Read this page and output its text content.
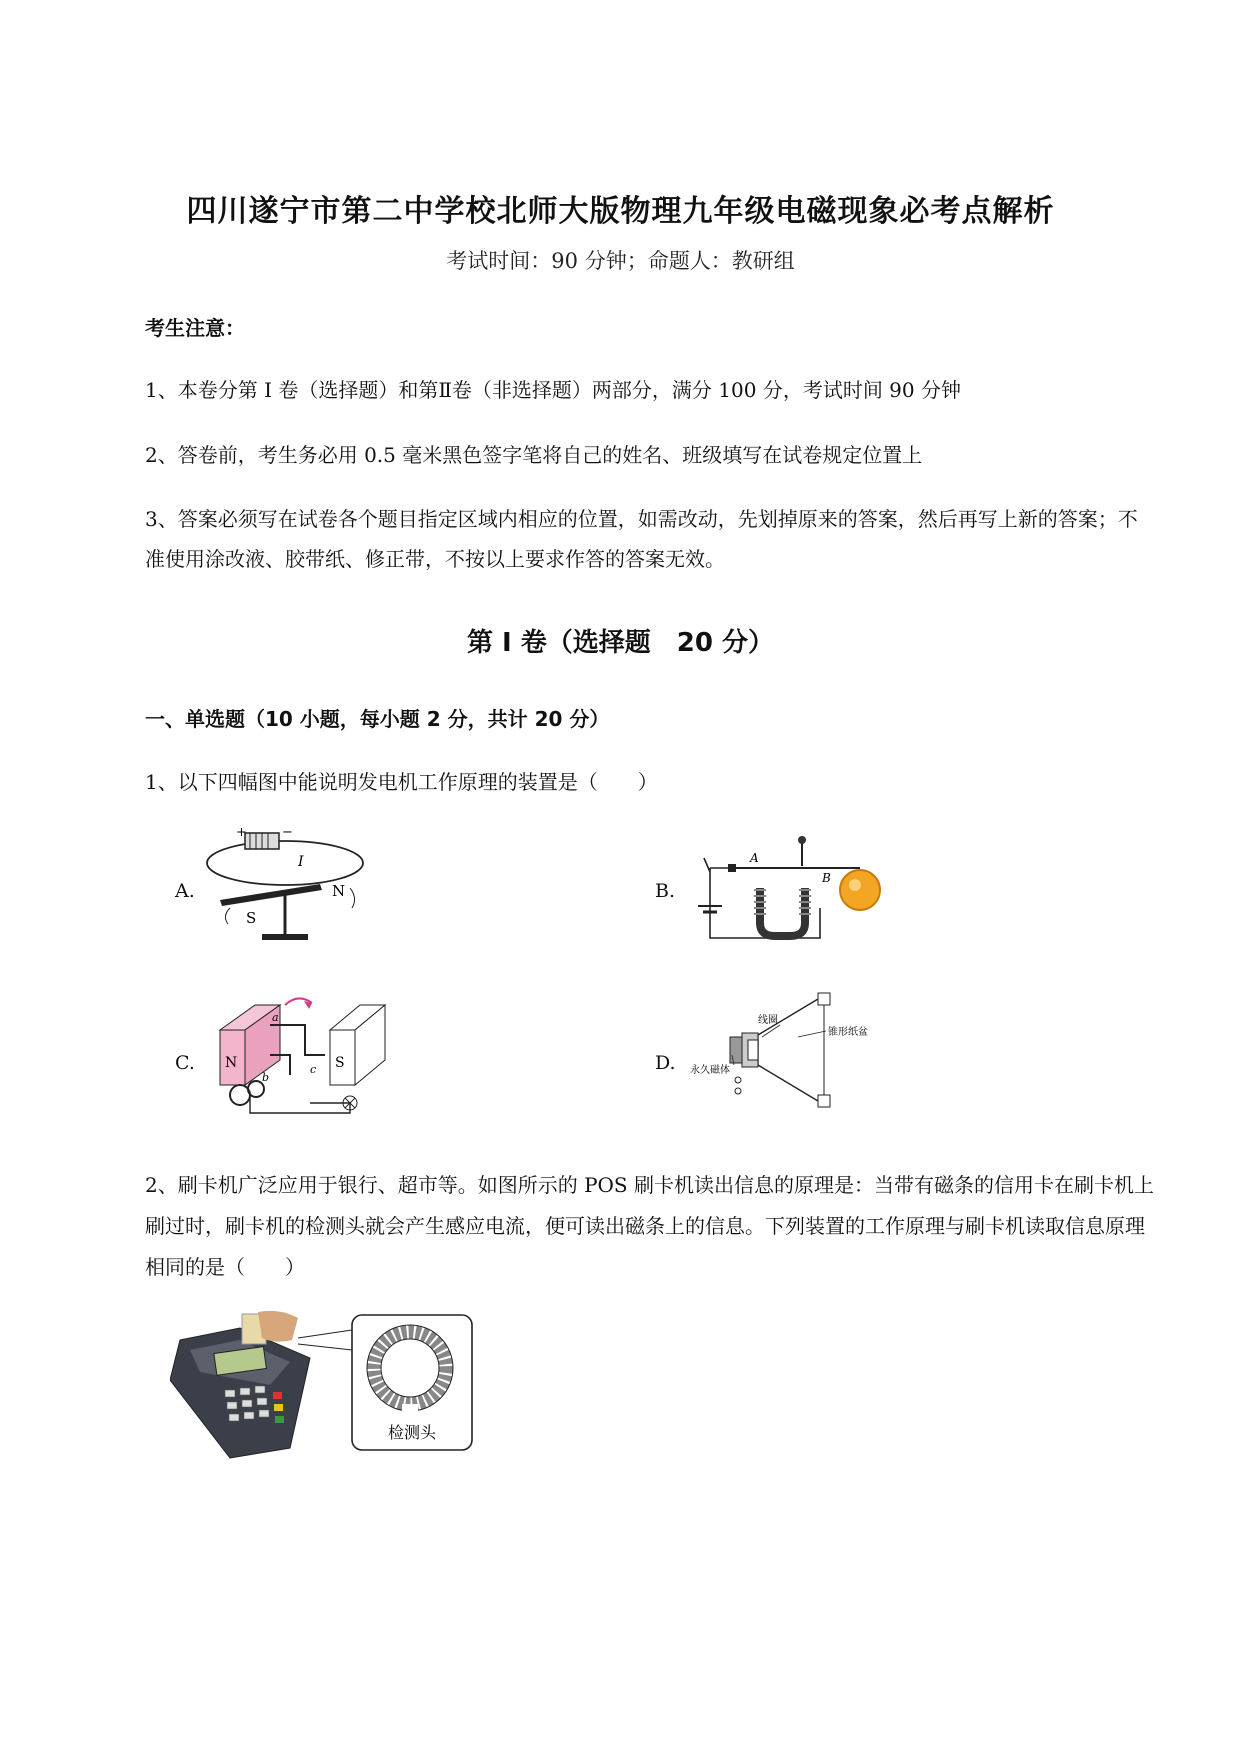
四川遂宁市第二中学校北师大版物理九年级电磁现象必考点解析
考试时间：90 分钟；命题人：教研组
考生注意：
1、本卷分第 I 卷（选择题）和第Ⅱ卷（非选择题）两部分，满分 100 分，考试时间 90 分钟
2、答卷前，考生务必用 0.5 毫米黑色签字笔将自己的姓名、班级填写在试卷规定位置上
3、答案必须写在试卷各个题目指定区域内相应的位置，如需改动，先划掉原来的答案，然后再写上新的答案；不准使用涂改液、胶带纸、修正带，不按以上要求作答的答案无效。
第 I 卷（选择题　20 分）
一、单选题（10 小题，每小题 2 分，共计 20 分）
1、以下四幅图中能说明发电机工作原理的装置是（　　）
A.
+	−
I
S
N	B.
A
B
C. N	S
a
b
c	D.
线圈
锥形纸盆
永久磁体
2、刷卡机广泛应用于银行、超市等。如图所示的 POS 刷卡机读出信息的原理是：当带有磁条的信用卡在刷卡机上刷过时，刷卡机的检测头就会产生感应电流，便可读出磁条上的信息。下列装置的工作原理与刷卡机读取信息原理相同的是（　　）
检测头
